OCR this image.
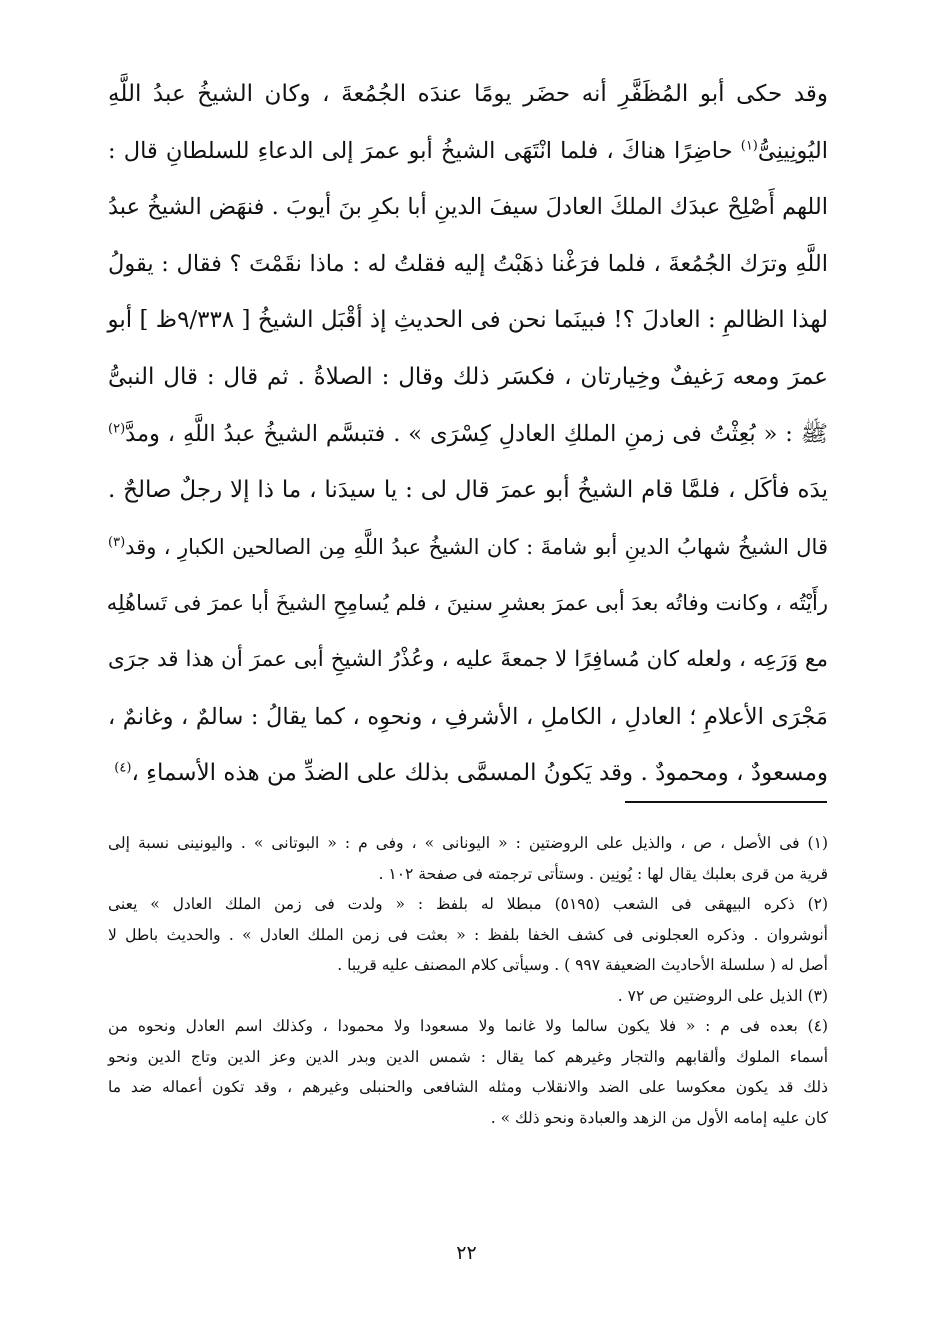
وقد حكى أبو المُظَفَّرِ أنه حضَر يومًا عندَه الجُمُعةَ ، وكان الشيخُ عبدُ اللَّهِ
اليُونِينِىُّ$^{(١)}$ حاضِرًا هناكَ ، فلما انْتَهَى الشيخُ أبو عمرَ إلى الدعاءِ للسلطانِ قال :
اللهم أَصْلِحْ عبدَك الملكَ العادلَ سيفَ الدينِ أبا بكرِ بنَ أيوبَ . فنهَض الشيخُ عبدُ
اللَّهِ وترَك الجُمُعةَ ، فلما فرَغْنا ذهَبْتُ إليه فقلتُ له : ماذا نقَمْتَ ؟ فقال : يقولُ
لهذا الظالمِ : العادلَ ؟! فبينَما نحن فى الحديثِ إذ أقْبَل الشيخُ [ ٩/٣٣٨ظ ] أبو
عمرَ ومعه رَغيفٌ وخِيارتان ، فكسَر ذلك وقال : الصلاةُ . ثم قال : قال النبىُّ
ﷺ : « بُعِثْتُ فى زمنِ الملكِ العادلِ كِسْرَى » . فتبسَّم الشيخُ عبدُ اللَّهِ ، ومدَّ$^{(٢)}$
يدَه فأكَل ، فلمَّا قام الشيخُ أبو عمرَ قال لى : يا سيدَنا ، ما ذا إلا رجلٌ صالحٌ .
قال الشيخُ شهابُ الدينِ أبو شامةَ : كان الشيخُ عبدُ اللَّهِ مِن الصالحين الكبارِ ، وقد$^{(٣)}$
رأَيْتُه ، وكانت وفاتُه بعدَ أبى عمرَ بعشرِ سنينَ ، فلم يُسامِحِ الشيخَ أبا عمرَ فى تَساهُلِه
مع وَرَعِه ، ولعله كان مُسافِرًا لا جمعةَ عليه ، وعُذْرُ الشيخِ أبى عمرَ أن هذا قد جرَى
مَجْرَى الأعلامِ ؛ العادلِ ، الكاملِ ، الأشرفِ ، ونحوِه ، كما يقالُ : سالمٌ ، وغانمٌ ،
ومسعودٌ ، ومحمودٌ . وقد يَكونُ المسمَّى بذلك على الضدِّ من هذه الأسماءِ ،$^{(٤)}$
(١) فى الأصل ، ص ، والذيل على الروضتين : « اليونانى » ، وفى م : « البوتانى » . واليونينى نسبة إلى
قرية من قرى بعلبك يقال لها : يُونِين . وستأتى ترجمته فى صفحة ١٠٢ .
(٢) ذكره البيهقى فى الشعب (٥١٩٥) مبطلا له بلفظ : « ولدت فى زمن الملك العادل » يعنى
أنوشروان . وذكره العجلونى فى كشف الخفا بلفظ : « بعثت فى زمن الملك العادل » . والحديث باطل لا
أصل له ( سلسلة الأحاديث الضعيفة ٩٩٧ ) . وسيأتى كلام المصنف عليه قريبا .
(٣) الذيل على الروضتين ص ٧٢ .
(٤) بعده فى م : « فلا يكون سالما ولا غانما ولا مسعودا ولا محمودا ، وكذلك اسم العادل ونحوه من
أسماء الملوك وألقابهم والتجار وغيرهم كما يقال : شمس الدين وبدر الدين وعز الدين وتاج الدين ونحو
ذلك قد يكون معكوسا على الضد والانقلاب ومثله الشافعى والحنبلى وغيرهم ، وقد تكون أعماله ضد ما
كان عليه إمامه الأول من الزهد والعبادة ونحو ذلك » .
٢٢
